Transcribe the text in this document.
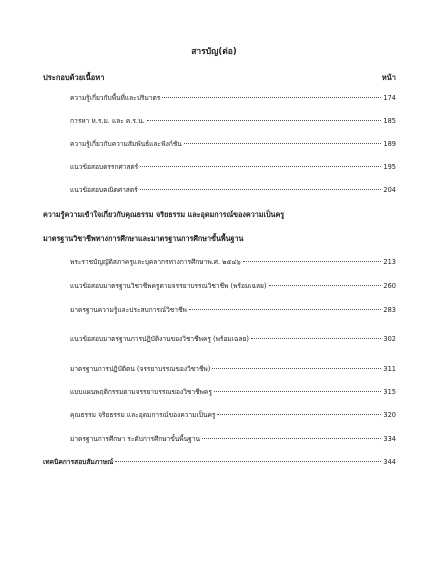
สารบัญ(ต่อ)
ประกอบด้วยเนื้อหา	หน้า
ความรู้เกี่ยวกับพื้นที่และปริมาตร	174
การหา ห.ร.ม. และ ค.ร.น.	185
ความรู้เกี่ยวกับความสัมพันธ์และฟังก์ชัน	189
แนวข้อสอบตรรกศาสตร์	195
แนวข้อสอบคณิตศาสตร์	204
ความรู้ความเข้าใจเกี่ยวกับคุณธรรม จริยธรรม และอุดมการณ์ของความเป็นครู
มาตรฐานวิชาชีพทางการศึกษาและมาตรฐานการศึกษาขั้นพื้นฐาน
พระราชบัญญัติสภาครูและบุคลากรทางการศึกษาพ.ศ. ๒๕๔๖	213
แนวข้อสอบมาตรฐานวิชาชีพครูตามจรรยาบรรณวิชาชีพ (พร้อมเฉลย)	260
มาตรฐานความรู้และประสบการณ์วิชาชีพ	283
แนวข้อสอบมาตรฐานการปฏิบัติงานของวิชาชีพครู (พร้อมเฉลย)	302
มาตรฐานการปฏิบัติตน (จรรยาบรรณของวิชาชีพ)	311
แบบแผนพฤติกรรมตามจรรยาบรรณของวิชาชีพครู	315
คุณธรรม จริยธรรม และอุดมการณ์ของความเป็นครู	320
มาตรฐานการศึกษา ระดับการศึกษาขั้นพื้นฐาน	334
เทคนิคการสอบสัมภาษณ์	344
